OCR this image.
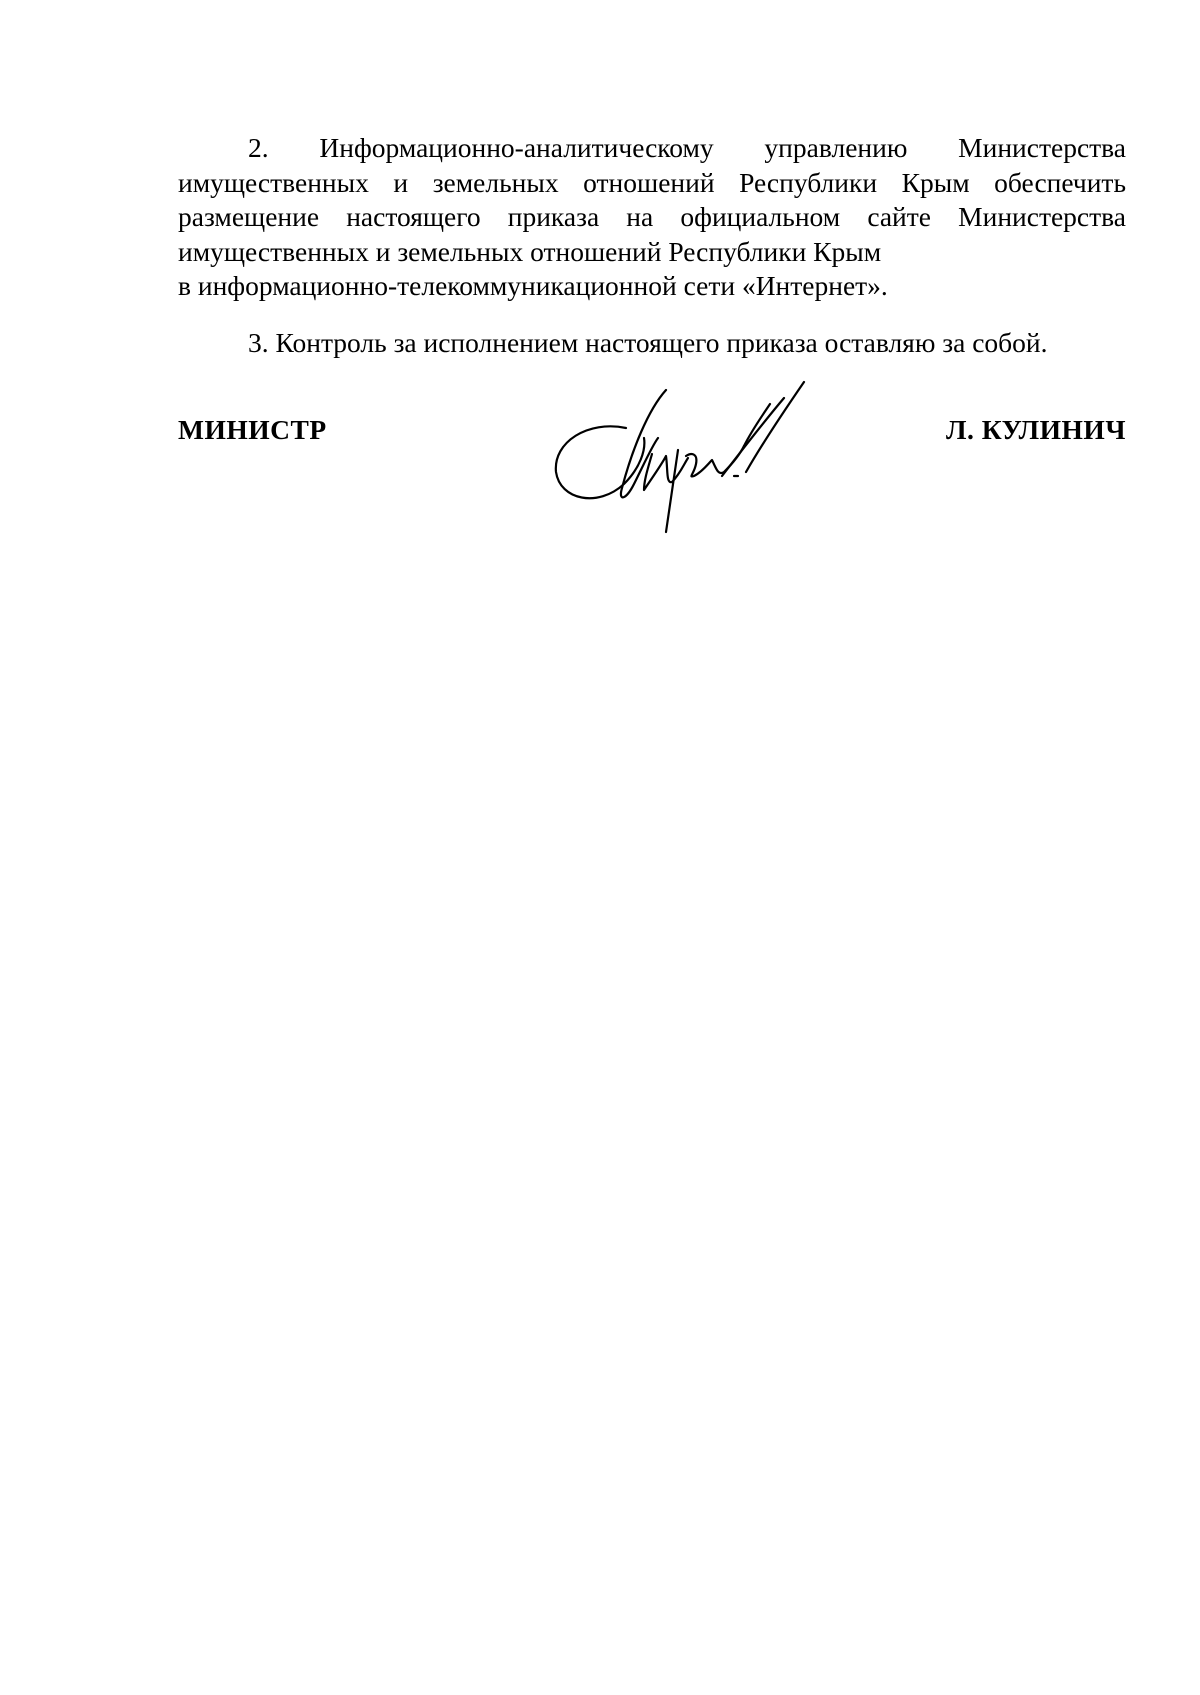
2. Информационно-аналитическому управлению Министерства имущественных и земельных отношений Республики Крым обеспечить размещение настоящего приказа на официальном сайте Министерства имущественных и земельных отношений Республики Крым
в информационно-телекоммуникационной сети «Интернет».

3. Контроль за исполнением настоящего приказа оставляю за собой.

МИНИСТР	Л. КУЛИНИЧ
